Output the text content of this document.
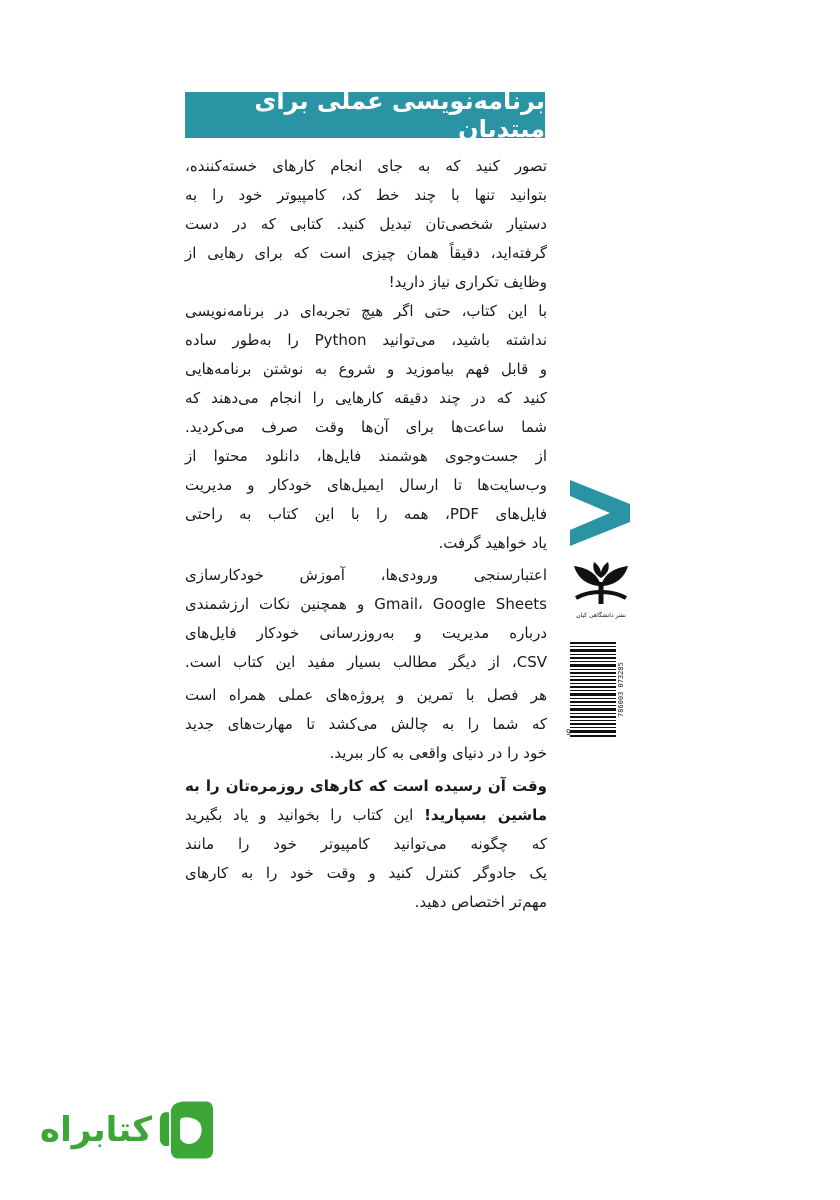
برنامه‌نویسی عملی برای مبتدیان
تصور کنید که به جای انجام کارهای خسته‌کننده،
بتوانید تنها با چند خط کد، کامپیوتر خود را به
دستیار شخصی‌تان تبدیل کنید. کتابی که در دست
گرفته‌اید، دقیقاً همان چیزی است که برای رهایی از
وظایف تکراری نیاز دارید!
با این کتاب، حتی اگر هیچ تجربه‌ای در برنامه‌نویسی
نداشته باشید، می‌توانید Python را به‌طور ساده
و قابل فهم بیاموزید و شروع به نوشتن برنامه‌هایی
کنید که در چند دقیقه کارهایی را انجام می‌دهند که
شما ساعت‌ها برای آن‌ها وقت صرف می‌کردید.
از جست‌وجوی هوشمند فایل‌ها، دانلود محتوا از
وب‌سایت‌ها تا ارسال ایمیل‌های خودکار و مدیریت
فایل‌های PDF، همه را با این کتاب به راحتی
یاد خواهید گرفت.
اعتبارسنجی ورودی‌ها، آموزش خودکارسازی
Gmail، Google Sheets و همچنین نکات ارزشمندی
درباره مدیریت و به‌روزرسانی خودکار فایل‌های
CSV، از دیگر مطالب بسیار مفید این کتاب است.
هر فصل با تمرین و پروژه‌های عملی همراه است
که شما را به چالش می‌کشد تا مهارت‌های جدید
خود را در دنیای واقعی به کار ببرید.
وقت آن رسیده است که کارهای روزمره‌تان را به
ماشین بسپارید! این کتاب را بخوانید و یاد بگیرید
که چگونه می‌توانید کامپیوتر خود را مانند
یک جادوگر کنترل کنید و وقت خود را به کارهای
مهم‌تر اختصاص دهید.
نشر دانشگاهی کیان
786003 073285
9
کتابراه
